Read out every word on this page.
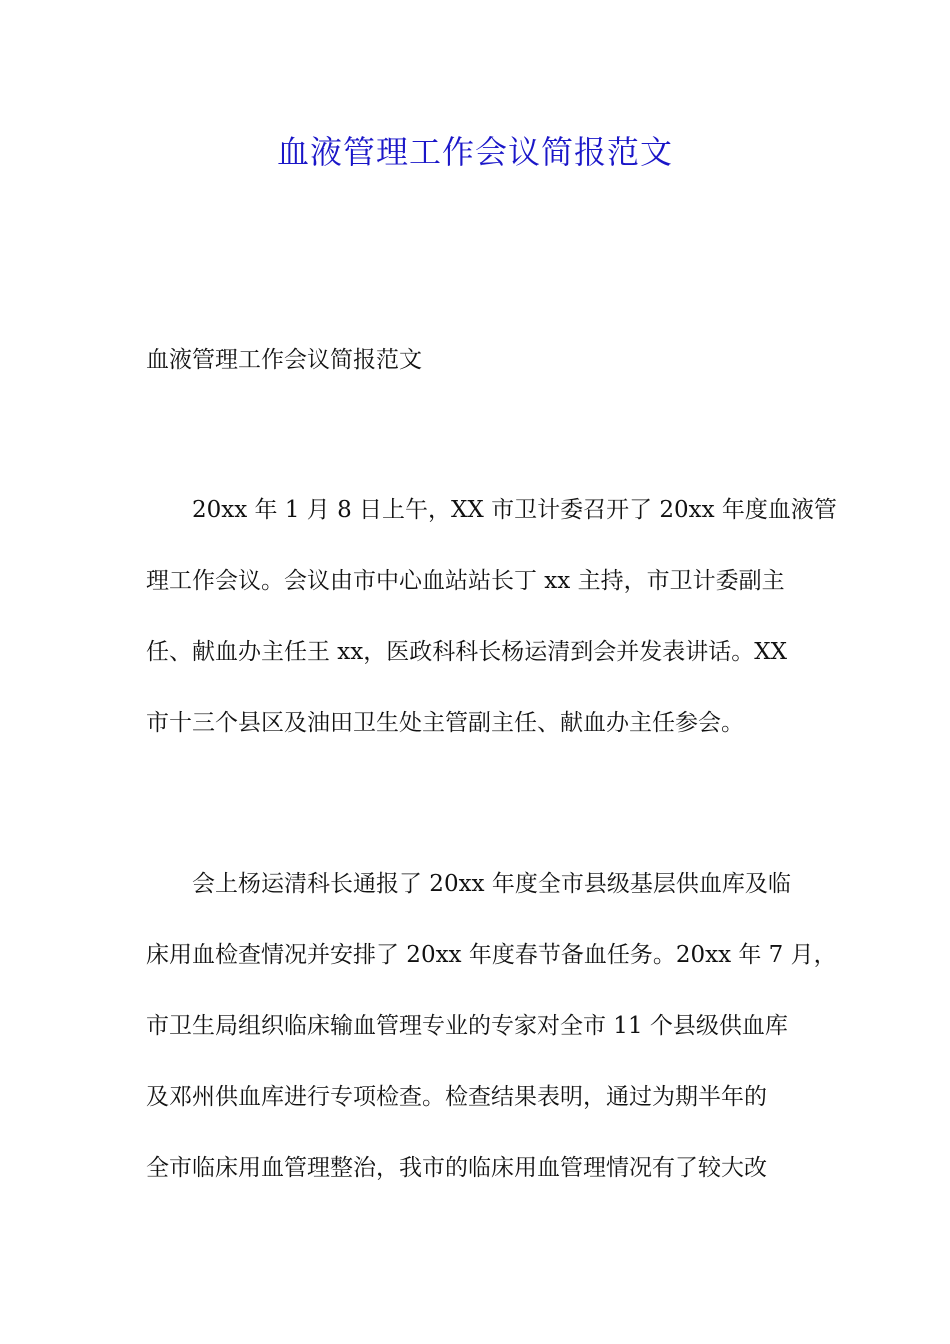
血液管理工作会议简报范文
血液管理工作会议简报范文
20xx 年 1 月 8 日上午，XX 市卫计委召开了 20xx 年度血液管
理工作会议。会议由市中心血站站长丁 xx 主持，市卫计委副主
任、献血办主任王 xx，医政科科长杨运清到会并发表讲话。XX
市十三个县区及油田卫生处主管副主任、献血办主任参会。
会上杨运清科长通报了 20xx 年度全市县级基层供血库及临
床用血检查情况并安排了 20xx 年度春节备血任务。20xx 年 7 月，
市卫生局组织临床输血管理专业的专家对全市 11 个县级供血库
及邓州供血库进行专项检查。检查结果表明，通过为期半年的
全市临床用血管理整治，我市的临床用血管理情况有了较大改
